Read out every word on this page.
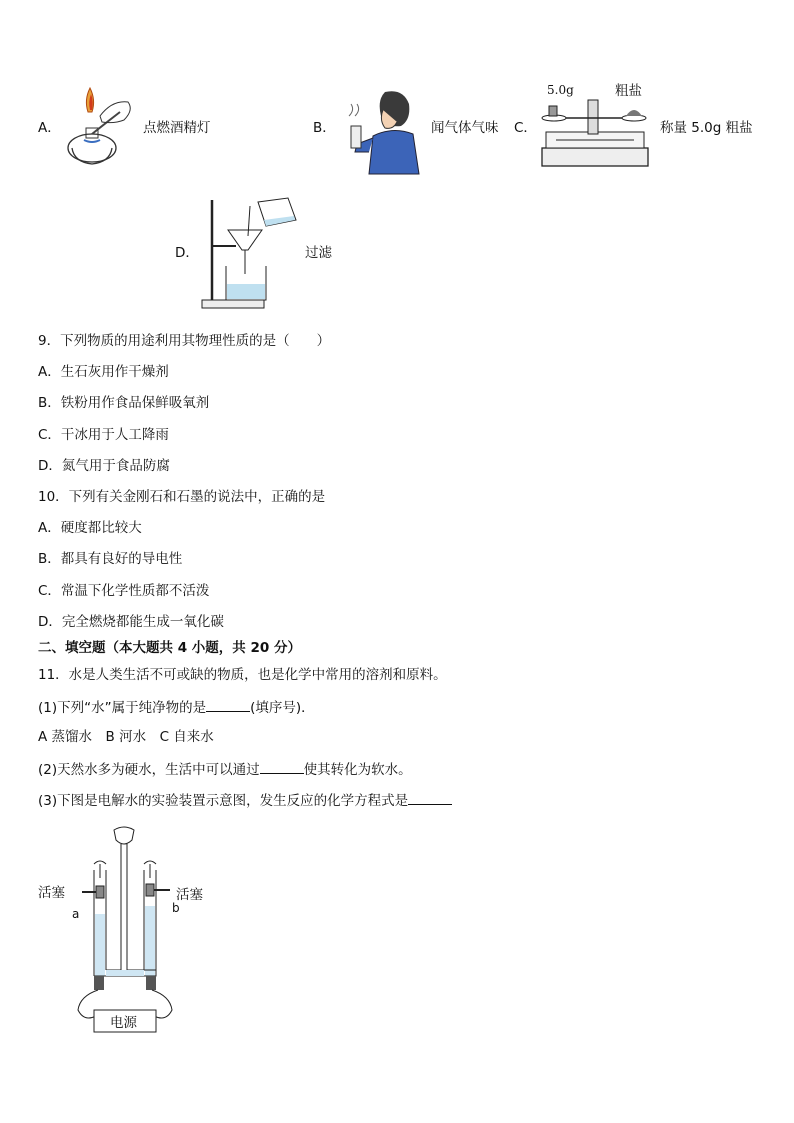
A．	点燃酒精灯	B．	闻气体气味 C．
5.0g	粗盐
称量 5.0g 粗盐
D．	过滤
9．下列物质的用途利用其物理性质的是（　　）
A．生石灰用作干燥剂
B．铁粉用作食品保鲜吸氧剂
C．干冰用于人工降雨
D．氮气用于食品防腐
10．下列有关金刚石和石墨的说法中，正确的是
A．硬度都比较大
B．都具有良好的导电性
C．常温下化学性质都不活泼
D．完全燃烧都能生成一氧化碳
二、填空题（本大题共 4 小题，共 20 分）
11．水是人类生活不可或缺的物质，也是化学中常用的溶剂和原料。
(1)下列“水”属于纯净物的是	(填序号)．
A 蒸馏水　B 河水　C 自来水
(2)天然水多为硬水，生活中可以通过	使其转化为软水。
(3)下图是电解水的实验装置示意图，发生反应的化学方程式是
活塞	活塞
a	b
电源
